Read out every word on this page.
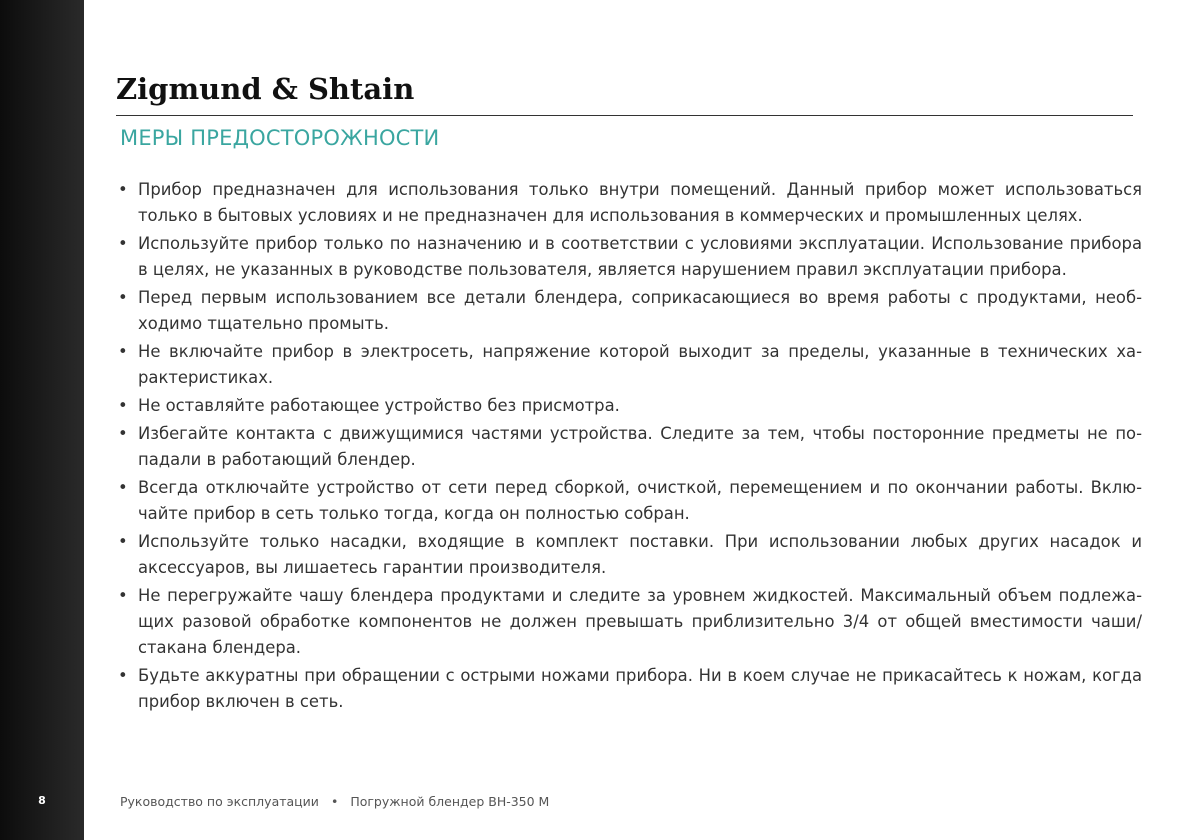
8
Zigmund & Shtain
МЕРЫ ПРЕДОСТОРОЖНОСТИ

• Прибор предназначен для использования только внутри помещений. Данный прибор может использоваться только в бытовых условиях и не предназначен для использования в коммерческих и промышленных целях.

• Используйте прибор только по назначению и в соответствии с условиями эксплуатации. Использование прибора в целях, не указанных в руководстве пользователя, является нарушением правил эксплуатации прибора.

• Перед первым использованием все детали блендера, соприкасающиеся во время работы с продуктами, необходимо тщательно промыть.

• Не включайте прибор в электросеть, напряжение которой выходит за пределы, указанные в технических характеристиках.

• Не оставляйте работающее устройство без присмотра.

• Избегайте контакта с движущимися частями устройства. Следите за тем, чтобы посторонние предметы не попадали в работающий блендер.

• Всегда отключайте устройство от сети перед сборкой, очисткой, перемещением и по окончании работы. Включайте прибор в сеть только тогда, когда он полностью собран.

• Используйте только насадки, входящие в комплект поставки. При использовании любых других насадок и аксессуаров, вы лишаетесь гарантии производителя.

• Не перегружайте чашу блендера продуктами и следите за уровнем жидкостей. Максимальный объем подлежащих разовой обработке компонентов не должен превышать приблизительно 3/4 от общей вместимости чаши/ стакана блендера.

• Будьте аккуратны при обращении с острыми ножами прибора. Ни в коем случае не прикасайтесь к ножам, когда прибор включен в сеть.

Руководство по эксплуатации • Погружной блендер BH-350 M
